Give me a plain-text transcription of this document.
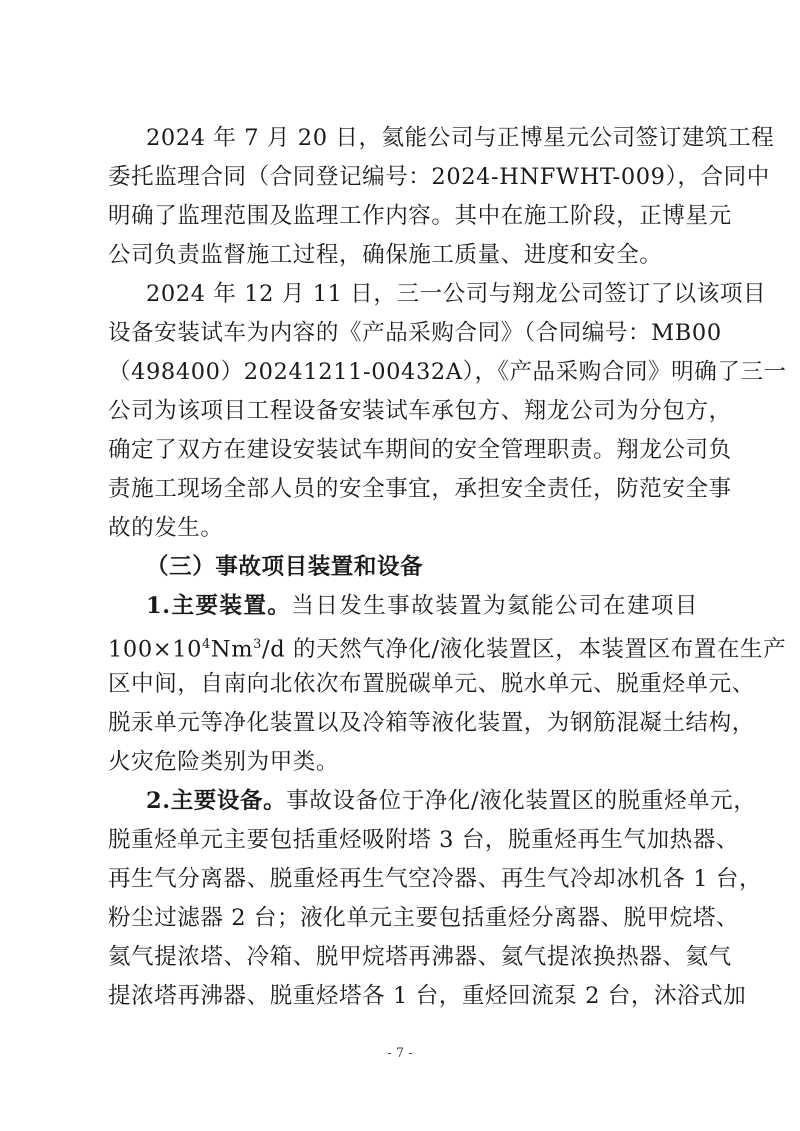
2024 年 7 月 20 日，氦能公司与正博星元公司签订建筑工程
委托监理合同（合同登记编号：2024-HNFWHT-009），合同中
明确了监理范围及监理工作内容。其中在施工阶段，正博星元
公司负责监督施工过程，确保施工质量、进度和安全。
2024 年 12 月 11 日，三一公司与翔龙公司签订了以该项目
设备安装试车为内容的《产品采购合同》（合同编号：MB00
（498400）20241211-00432A），《产品采购合同》明确了三一
公司为该项目工程设备安装试车承包方、翔龙公司为分包方，
确定了双方在建设安装试车期间的安全管理职责。翔龙公司负
责施工现场全部人员的安全事宜，承担安全责任，防范安全事
故的发生。
（三）事故项目装置和设备
1.主要装置。当日发生事故装置为氦能公司在建项目
$100\times 10^4Nm^3/d$ 的天然气净化/液化装置区，本装置区布置在生产
区中间，自南向北依次布置脱碳单元、脱水单元、脱重烃单元、
脱汞单元等净化装置以及冷箱等液化装置，为钢筋混凝土结构，
火灾危险类别为甲类。
2.主要设备。事故设备位于净化/液化装置区的脱重烃单元，
脱重烃单元主要包括重烃吸附塔 3 台，脱重烃再生气加热器、
再生气分离器、脱重烃再生气空冷器、再生气冷却冰机各 1 台，
粉尘过滤器 2 台；液化单元主要包括重烃分离器、脱甲烷塔、
氦气提浓塔、冷箱、脱甲烷塔再沸器、氦气提浓换热器、氦气
提浓塔再沸器、脱重烃塔各 1 台，重烃回流泵 2 台，沐浴式加
- 7 -
